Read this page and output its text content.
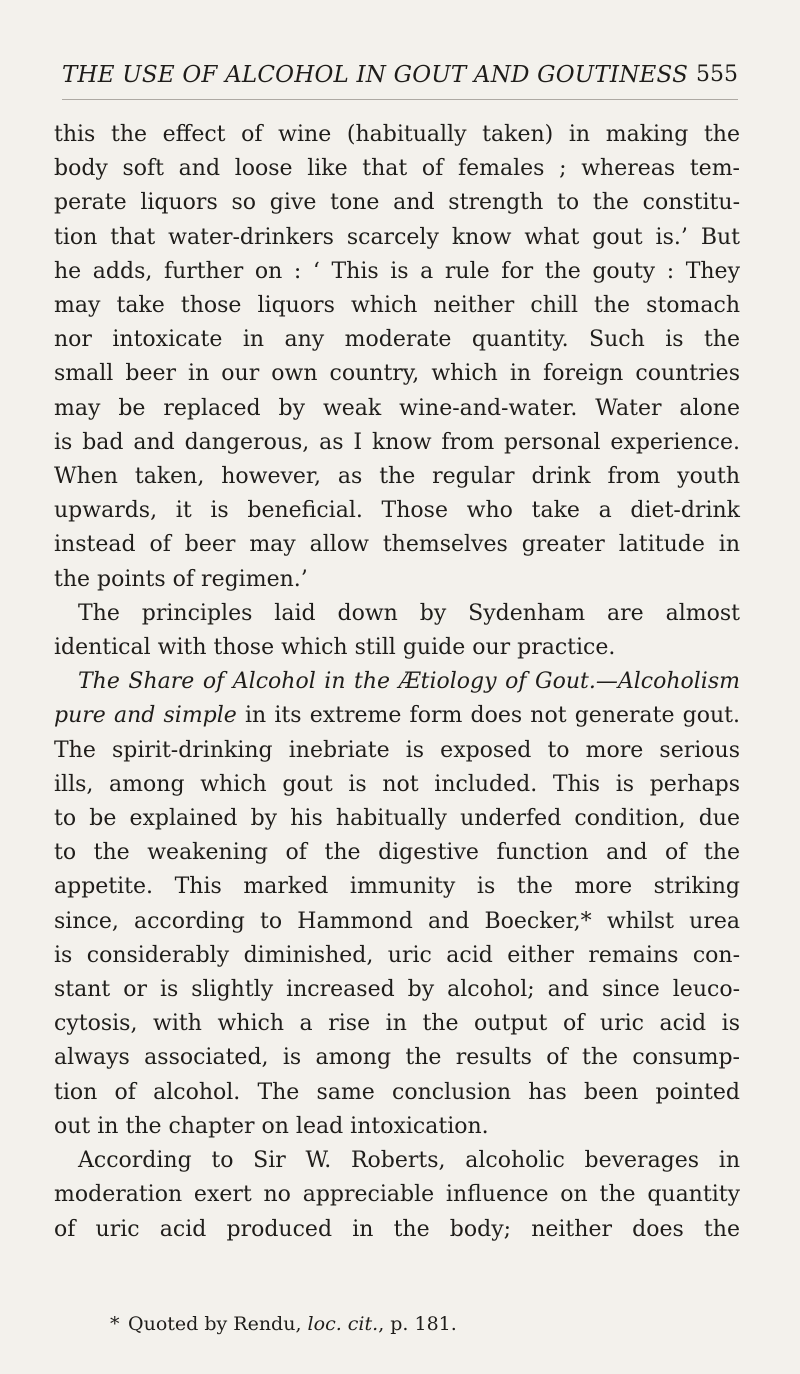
THE USE OF ALCOHOL IN GOUT AND GOUTINESS 555
this the effect of wine (habitually taken) in making the
body soft and loose like that of females ; whereas tem-
perate liquors so give tone and strength to the constitu-
tion that water-drinkers scarcely know what gout is.’ But
he adds, further on : ‘ This is a rule for the gouty : They
may take those liquors which neither chill the stomach
nor intoxicate in any moderate quantity. Such is the
small beer in our own country, which in foreign countries
may be replaced by weak wine-and-water. Water alone
is bad and dangerous, as I know from personal experience.
When taken, however, as the regular drink from youth
upwards, it is beneficial. Those who take a diet-drink
instead of beer may allow themselves greater latitude in
the points of regimen.’
The principles laid down by Sydenham are almost
identical with those which still guide our practice.
The Share of Alcohol in the Ætiology of Gout.—Alcoholism
pure and simple in its extreme form does not generate gout.
The spirit-drinking inebriate is exposed to more serious
ills, among which gout is not included. This is perhaps
to be explained by his habitually underfed condition, due
to the weakening of the digestive function and of the
appetite. This marked immunity is the more striking
since, according to Hammond and Boecker,* whilst urea
is considerably diminished, uric acid either remains con-
stant or is slightly increased by alcohol; and since leuco-
cytosis, with which a rise in the output of uric acid is
always associated, is among the results of the consump-
tion of alcohol. The same conclusion has been pointed
out in the chapter on lead intoxication.
According to Sir W. Roberts, alcoholic beverages in
moderation exert no appreciable influence on the quantity
of uric acid produced in the body; neither does the
* Quoted by Rendu, loc. cit., p. 181.
